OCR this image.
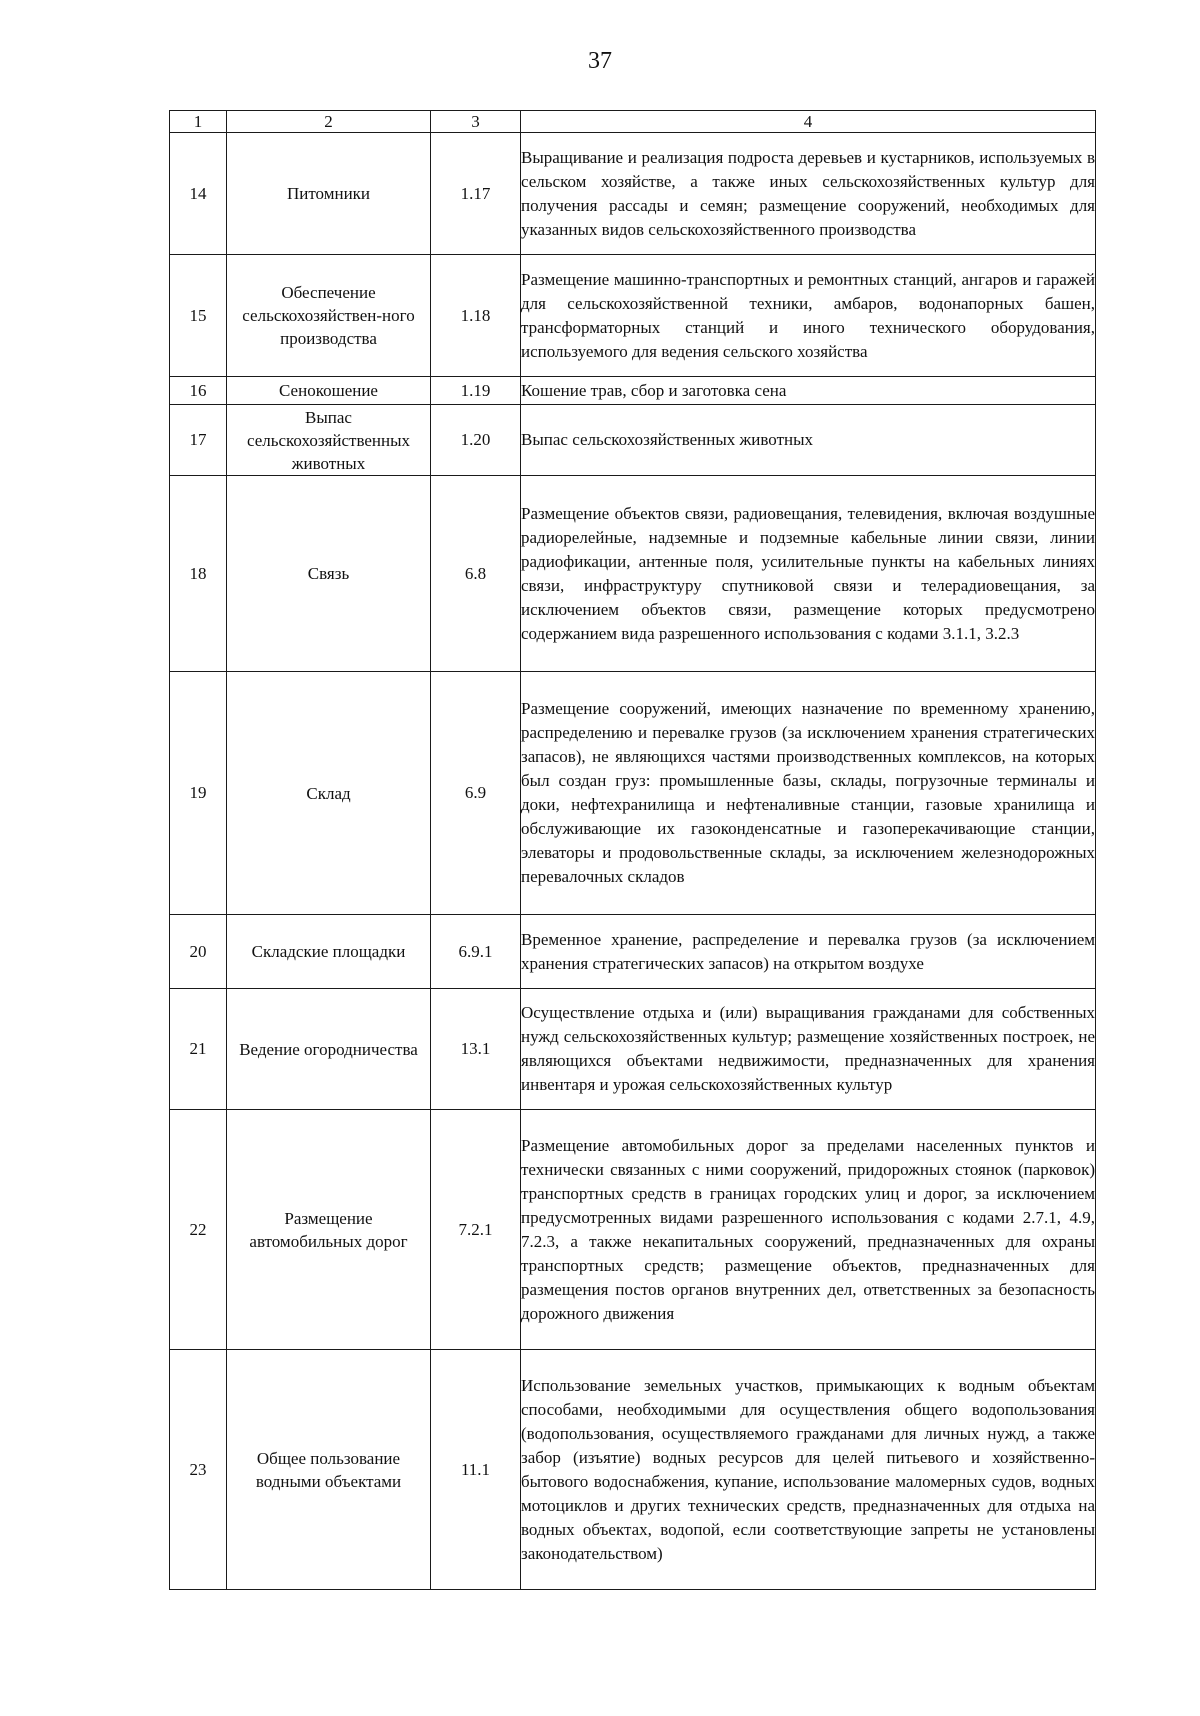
37
1	2	3	4
14	Питомники	1.17	Выращивание и реализация подроста деревьев и кустарников, используемых в сельском хозяйстве, а также иных сельскохозяйственных культур для получения рассады и семян; размещение сооружений, необходимых для указанных видов сельскохозяйственного производства
15	Обеспечение сельскохозяйствен-ного производства	1.18	Размещение машинно-транспортных и ремонтных станций, ангаров и гаражей для сельскохозяйственной техники, амбаров, водонапорных башен, трансформаторных станций и иного технического оборудования, используемого для ведения сельского хозяйства
16	Сенокошение	1.19	Кошение трав, сбор и заготовка сена
17	Выпас сельскохозяйственных животных	1.20	Выпас сельскохозяйственных животных
18	Связь	6.8	Размещение объектов связи, радиовещания, телевидения, включая воздушные радиорелейные, надземные и подземные кабельные линии связи, линии радиофикации, антенные поля, усилительные пункты на кабельных линиях связи, инфраструктуру спутниковой связи и телерадиовещания, за исключением объектов связи, размещение которых предусмотрено содержанием вида разрешенного использования с кодами 3.1.1, 3.2.3
19	Склад	6.9	Размещение сооружений, имеющих назначение по временному хранению, распределению и перевалке грузов (за исключением хранения стратегических запасов), не являющихся частями производственных комплексов, на которых был создан груз: промышленные базы, склады, погрузочные терминалы и доки, нефтехранилища и нефтеналивные станции, газовые хранилища и обслуживающие их газоконденсатные и газоперекачивающие станции, элеваторы и продовольственные склады, за исключением железнодорожных перевалочных складов
20	Складские площадки	6.9.1	Временное хранение, распределение и перевалка грузов (за исключением хранения стратегических запасов) на открытом воздухе
21	Ведение огородничества	13.1	Осуществление отдыха и (или) выращивания гражданами для собственных нужд сельскохозяйственных культур; размещение хозяйственных построек, не являющихся объектами недвижимости, предназначенных для хранения инвентаря и урожая сельскохозяйственных культур
22	Размещение автомобильных дорог	7.2.1	Размещение автомобильных дорог за пределами населенных пунктов и технически связанных с ними сооружений, придорожных стоянок (парковок) транспортных средств в границах городских улиц и дорог, за исключением предусмотренных видами разрешенного использования с кодами 2.7.1, 4.9, 7.2.3, а также некапитальных сооружений, предназначенных для охраны транспортных средств; размещение объектов, предназначенных для размещения постов органов внутренних дел, ответственных за безопасность дорожного движения
23	Общее пользование водными объектами	11.1	Использование земельных участков, примыкающих к водным объектам способами, необходимыми для осуществления общего водопользования (водопользования, осуществляемого гражданами для личных нужд, а также забор (изъятие) водных ресурсов для целей питьевого и хозяйственно-бытового водоснабжения, купание, использование маломерных судов, водных мотоциклов и других технических средств, предназначенных для отдыха на водных объектах, водопой, если соответствующие запреты не установлены законодательством)
